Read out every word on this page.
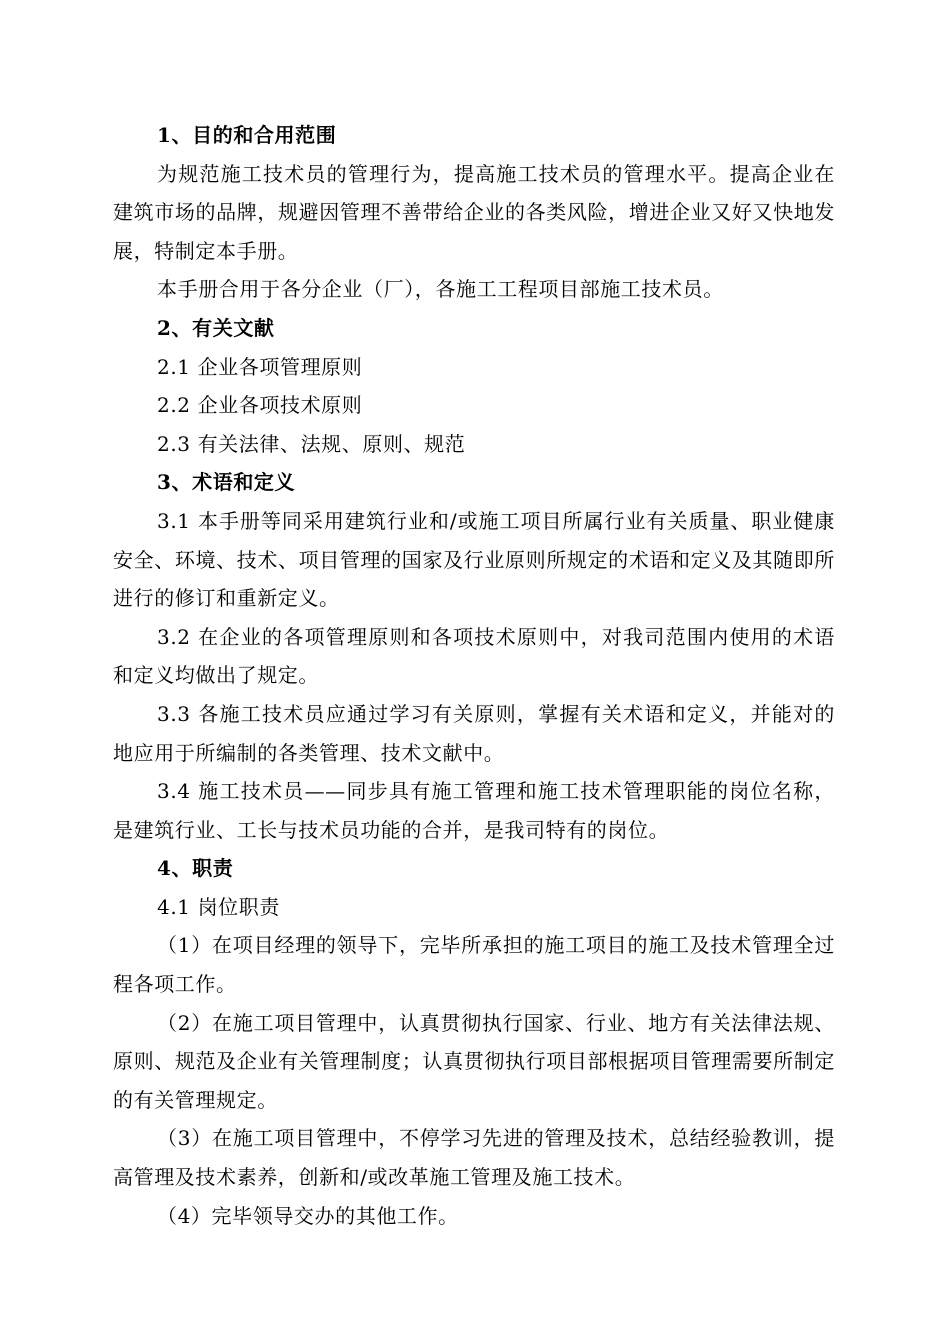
1、目的和合用范围

为规范施工技术员的管理行为，提高施工技术员的管理水平。提高企业在建筑市场的品牌，规避因管理不善带给企业的各类风险，增进企业又好又快地发展，特制定本手册。

本手册合用于各分企业（厂），各施工工程项目部施工技术员。

2、有关文献

2.1 企业各项管理原则

2.2 企业各项技术原则

2.3 有关法律、法规、原则、规范

3、术语和定义

3.1 本手册等同采用建筑行业和/或施工项目所属行业有关质量、职业健康安全、环境、技术、项目管理的国家及行业原则所规定的术语和定义及其随即所进行的修订和重新定义。

3.2 在企业的各项管理原则和各项技术原则中，对我司范围内使用的术语和定义均做出了规定。

3.3 各施工技术员应通过学习有关原则，掌握有关术语和定义，并能对的地应用于所编制的各类管理、技术文献中。

3.4 施工技术员——同步具有施工管理和施工技术管理职能的岗位名称，是建筑行业、工长与技术员功能的合并，是我司特有的岗位。

4、职责

4.1 岗位职责

（1）在项目经理的领导下，完毕所承担的施工项目的施工及技术管理全过程各项工作。

（2）在施工项目管理中，认真贯彻执行国家、行业、地方有关法律法规、原则、规范及企业有关管理制度；认真贯彻执行项目部根据项目管理需要所制定的有关管理规定。

（3）在施工项目管理中，不停学习先进的管理及技术，总结经验教训，提高管理及技术素养，创新和/或改革施工管理及施工技术。

（4）完毕领导交办的其他工作。
